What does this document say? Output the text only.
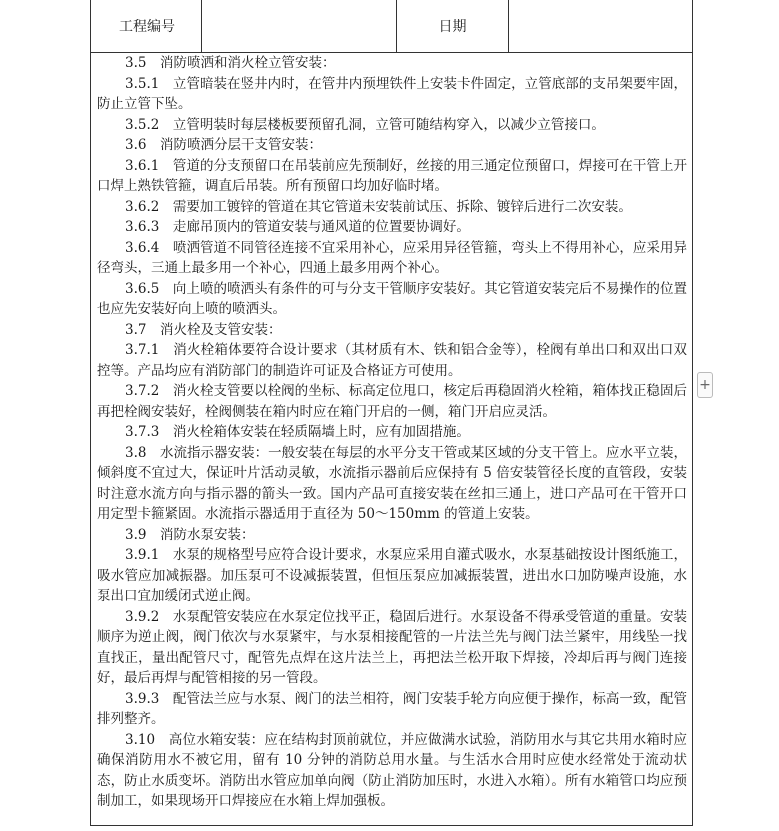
工程编号	日期

3.5　消防喷洒和消火栓立管安装：

3.5.1　立管暗装在竖井内时，在管井内预埋铁件上安装卡件固定，立管底部的支吊架要牢固，防止立管下坠。

3.5.2　立管明装时每层楼板要预留孔洞，立管可随结构穿入，以减少立管接口。

3.6　消防喷洒分层干支管安装：

3.6.1　管道的分支预留口在吊装前应先预制好，丝接的用三通定位预留口，焊接可在干管上开口焊上熟铁管箍，调直后吊装。所有预留口均加好临时堵。

3.6.2　需要加工镀锌的管道在其它管道未安装前试压、拆除、镀锌后进行二次安装。

3.6.3　走廊吊顶内的管道安装与通风道的位置要协调好。

3.6.4　喷洒管道不同管径连接不宜采用补心，应采用异径管箍，弯头上不得用补心，应采用异径弯头，三通上最多用一个补心，四通上最多用两个补心。

3.6.5　向上喷的喷洒头有条件的可与分支干管顺序安装好。其它管道安装完后不易操作的位置也应先安装好向上喷的喷洒头。

3.7　消火栓及支管安装：

3.7.1　消火栓箱体要符合设计要求（其材质有木、铁和铝合金等），栓阀有单出口和双出口双控等。产品均应有消防部门的制造许可证及合格证方可使用。

3.7.2　消火栓支管要以栓阀的坐标、标高定位甩口，核定后再稳固消火栓箱，箱体找正稳固后再把栓阀安装好，栓阀侧装在箱内时应在箱门开启的一侧，箱门开启应灵活。

3.7.3　消火栓箱体安装在轻质隔墙上时，应有加固措施。

3.8　水流指示器安装：一般安装在每层的水平分支干管或某区域的分支干管上。应水平立装，倾斜度不宜过大，保证叶片活动灵敏，水流指示器前后应保持有 5 倍安装管径长度的直管段，安装时注意水流方向与指示器的箭头一致。国内产品可直接安装在丝扣三通上，进口产品可在干管开口用定型卡箍紧固。水流指示器适用于直径为 50～150mm 的管道上安装。

3.9　消防水泵安装：

3.9.1　水泵的规格型号应符合设计要求，水泵应采用自灌式吸水，水泵基础按设计图纸施工，吸水管应加减振器。加压泵可不设减振装置，但恒压泵应加减振装置，进出水口加防噪声设施，水泵出口宜加缓闭式逆止阀。

3.9.2　水泵配管安装应在水泵定位找平正，稳固后进行。水泵设备不得承受管道的重量。安装顺序为逆止阀，阀门依次与水泵紧牢，与水泵相接配管的一片法兰先与阀门法兰紧牢，用线坠一找直找正，量出配管尺寸，配管先点焊在这片法兰上，再把法兰松开取下焊接，冷却后再与阀门连接好，最后再焊与配管相接的另一管段。

3.9.3　配管法兰应与水泵、阀门的法兰相符，阀门安装手轮方向应便于操作，标高一致，配管排列整齐。

3.10　高位水箱安装：应在结构封顶前就位，并应做满水试验，消防用水与其它共用水箱时应确保消防用水不被它用，留有 10 分钟的消防总用水量。与生活水合用时应使水经常处于流动状态，防止水质变坏。消防出水管应加单向阀（防止消防加压时，水进入水箱）。所有水箱管口均应预制加工，如果现场开口焊接应在水箱上焊加强板。

+
